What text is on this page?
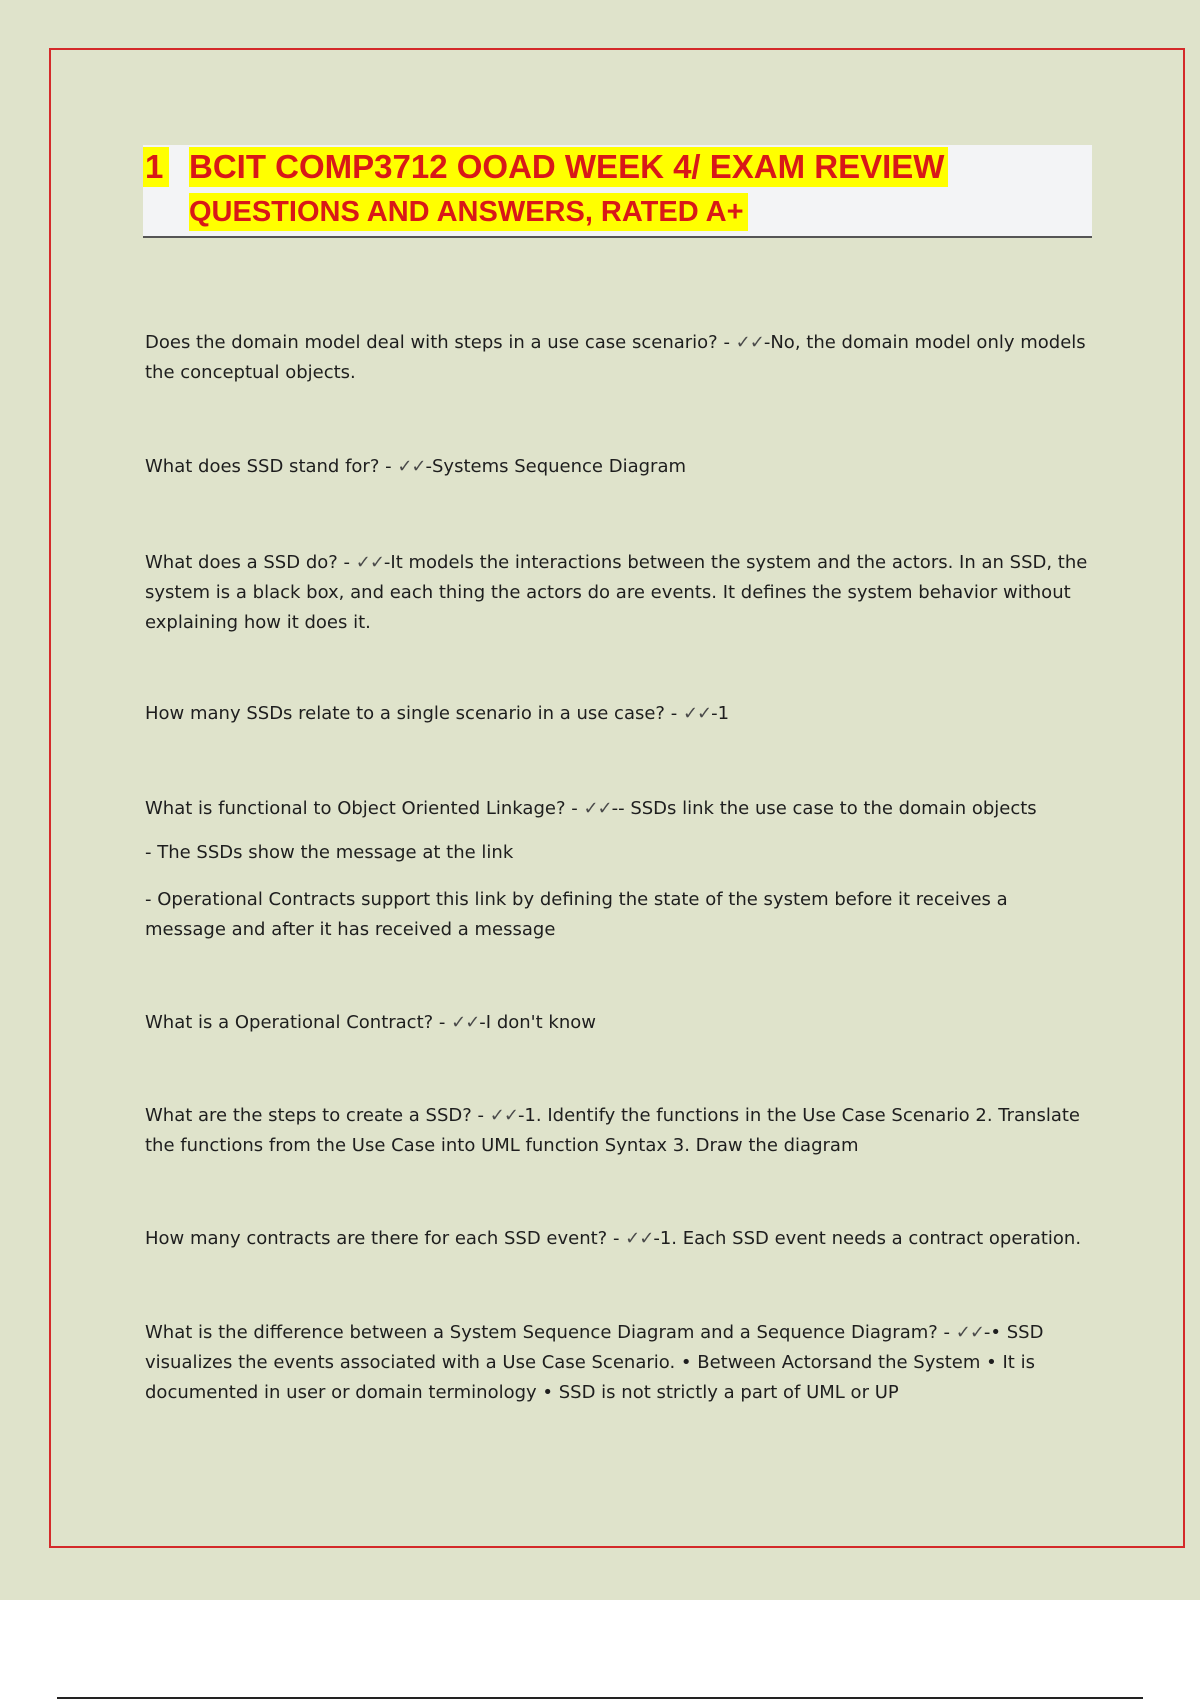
1 BCIT COMP3712 OOAD WEEK 4/ EXAM REVIEW
QUESTIONS AND ANSWERS, RATED A+

Does the domain model deal with steps in a use case scenario? - ✓✓-No, the domain model only models the conceptual objects.

What does SSD stand for? - ✓✓-Systems Sequence Diagram

What does a SSD do? - ✓✓-It models the interactions between the system and the actors. In an SSD, the system is a black box, and each thing the actors do are events. It defines the system behavior without explaining how it does it.

How many SSDs relate to a single scenario in a use case? - ✓✓-1

What is functional to Object Oriented Linkage? - ✓✓-- SSDs link the use case to the domain objects

- The SSDs show the message at the link

- Operational Contracts support this link by defining the state of the system before it receives a message and after it has received a message

What is a Operational Contract? - ✓✓-I don't know

What are the steps to create a SSD? - ✓✓-1. Identify the functions in the Use Case Scenario 2. Translate the functions from the Use Case into UML function Syntax 3. Draw the diagram

How many contracts are there for each SSD event? - ✓✓-1. Each SSD event needs a contract operation.

What is the difference between a System Sequence Diagram and a Sequence Diagram? - ✓✓-• SSD visualizes the events associated with a Use Case Scenario. • Between Actorsand the System • It is documented in user or domain terminology • SSD is not strictly a part of UML or UP
